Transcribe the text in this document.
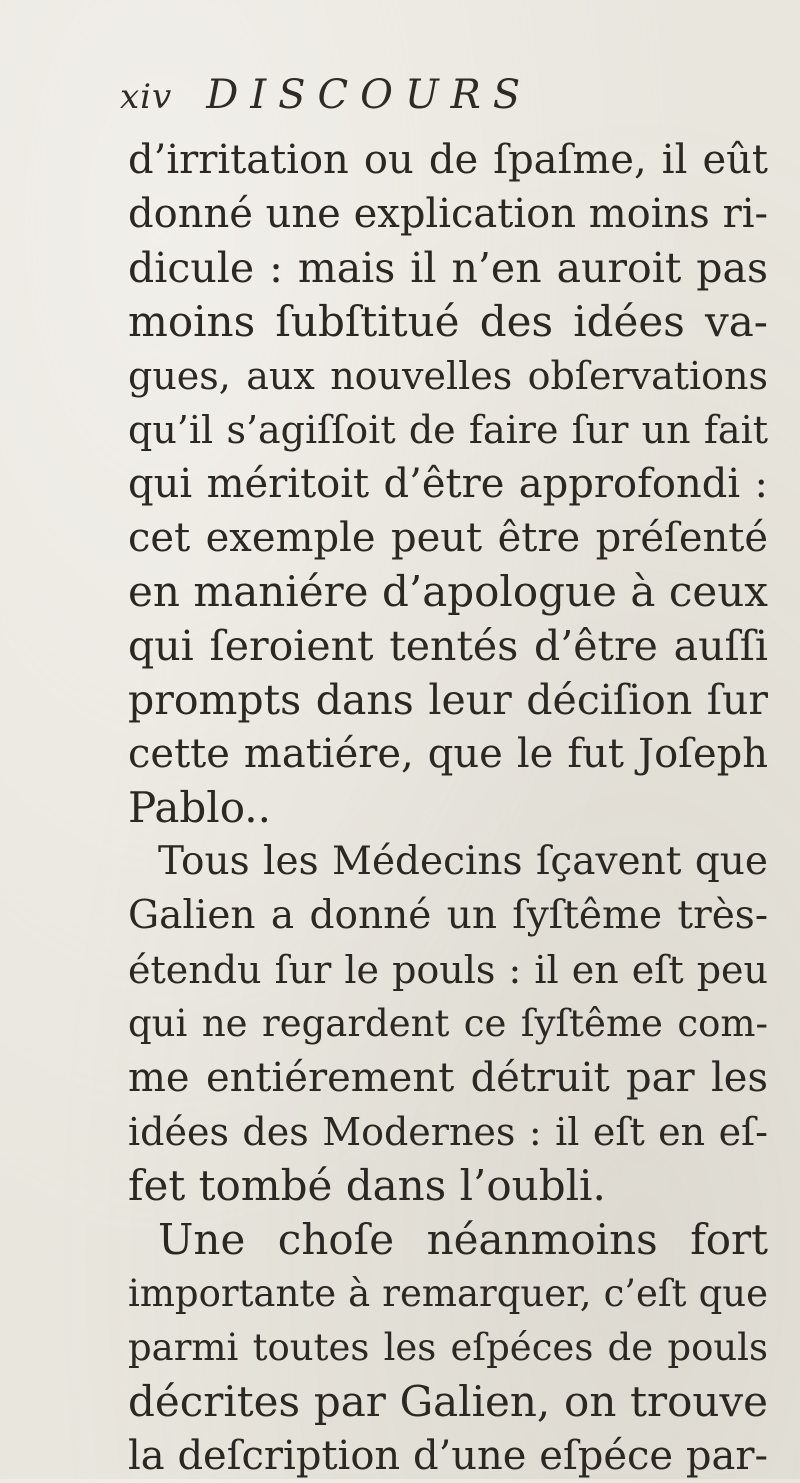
xiv DISCOURS
d’irritation ou de ſpaſme, il eût
donné une explication moins ri-
dicule : mais il n’en auroit pas
moins ſubſtitué des idées va-
gues, aux nouvelles obſervations
qu’il s’agiſſoit de faire ſur un fait
qui méritoit d’être approfondi :
cet exemple peut être préſenté
en maniére d’apologue à ceux
qui ſeroient tentés d’être auſſi
prompts dans leur déciſion ſur
cette matiére, que le fut Joſeph
Pablo..
Tous les Médecins ſçavent que
Galien a donné un ſyſtême très-
étendu ſur le pouls : il en eſt peu
qui ne regardent ce ſyſtême com-
me entiérement détruit par les
idées des Modernes : il eſt en eſ-
fet tombé dans l’oubli.
Une choſe néanmoins fort
importante à remarquer, c’eſt que
parmi toutes les eſpéces de pouls
décrites par Galien, on trouve
la deſcription d’une eſpéce par-
